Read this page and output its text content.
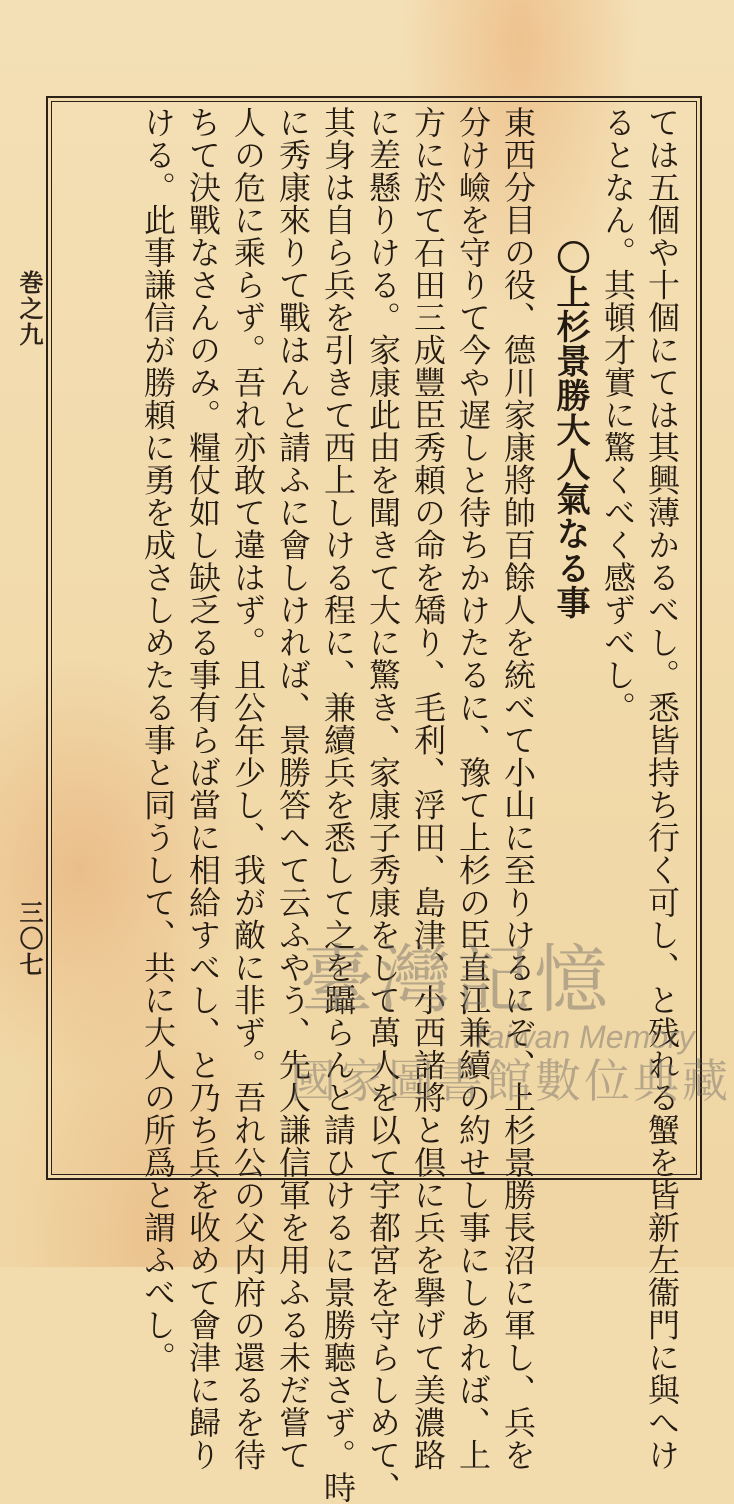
巻之九
三〇七	ては五個や十個にては其興薄かるべし。悉皆持ち行く可し、と残れる蟹を皆新左衞門に與へけ
るとなん。其頓才實に驚くべく感ずべし。
〇上杉景勝大人氣なる事
東西分目の役、德川家康將帥百餘人を統べて小山に至りけるにぞ、上杉景勝長沼に軍し、兵を
分け嶮を守りて今や遅しと待ちかけたるに、豫て上杉の臣直江兼續の約せし事にしあれば、上
方に於て石田三成豐臣秀頼の命を矯り、毛利、浮田、島津、小西諸將と倶に兵を擧げて美濃路
に差懸りける。家康此由を聞きて大に驚き、家康子秀康をして萬人を以て宇都宮を守らしめて、
其身は自ら兵を引きて西上しける程に、兼續兵を悉して之を躡らんと請ひけるに景勝聽さず。時
に秀康來りて戰はんと請ふに會しければ、景勝答へて云ふやう、先人謙信軍を用ふる未だ嘗て
人の危に乘らず。吾れ亦敢て違はず。且公年少し、我が敵に非ず。吾れ公の父内府の還るを待
ちて決戰なさんのみ。糧仗如し缺乏る事有らば當に相給すべし、と乃ち兵を收めて會津に歸り
ける。此事謙信が勝頼に勇を成さしめたる事と同うして、共に大人の所爲と謂ふべし。 臺灣記憶
Taiwan Memory
國家圖書館數位典藏
